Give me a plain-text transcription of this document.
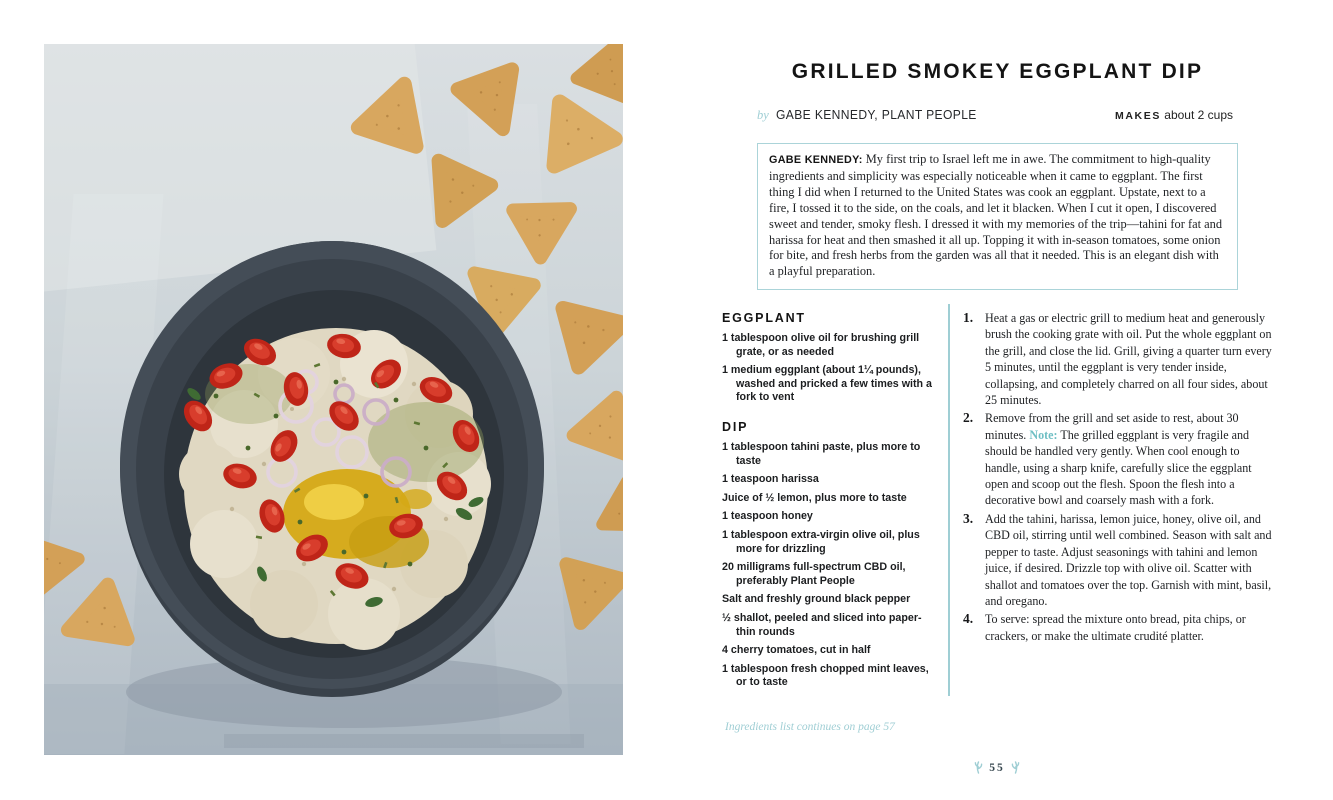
GRILLED SMOKEY EGGPLANT DIP
by GABE KENNEDY, PLANT PEOPLE	MAKES about 2 cups
GABE KENNEDY: My first trip to Israel left me in awe. The commitment to high-quality ingredients and simplicity was especially noticeable when it came to eggplant. The first thing I did when I returned to the United States was cook an eggplant. Upstate, next to a fire, I tossed it to the side, on the coals, and let it blacken. When I cut it open, I discovered sweet and tender, smoky flesh. I dressed it with my memories of the trip—tahini for fat and harissa for heat and then smashed it all up. Topping it with in-season tomatoes, some onion for bite, and fresh herbs from the garden was all that it needed. This is an elegant dish with a playful preparation.
EGGPLANT
1 tablespoon olive oil for brushing grill grate, or as needed
1 medium eggplant (about 1¼ pounds), washed and pricked a few times with a fork to vent
DIP
1 tablespoon tahini paste, plus more to taste
1 teaspoon harissa
Juice of ½ lemon, plus more to taste
1 teaspoon honey
1 tablespoon extra-virgin olive oil, plus more for drizzling
20 milligrams full-spectrum CBD oil, preferably Plant People
Salt and freshly ground black pepper
½ shallot, peeled and sliced into paper-thin rounds
4 cherry tomatoes, cut in half
1 tablespoon fresh chopped mint leaves, or to taste
1. Heat a gas or electric grill to medium heat and generously brush the cooking grate with oil. Put the whole eggplant on the grill, and close the lid. Grill, giving a quarter turn every 5 minutes, until the eggplant is very tender inside, collapsing, and completely charred on all four sides, about 25 minutes.
2. Remove from the grill and set aside to rest, about 30 minutes. Note: The grilled eggplant is very fragile and should be handled very gently. When cool enough to handle, using a sharp knife, carefully slice the eggplant open and scoop out the flesh. Spoon the flesh into a decorative bowl and coarsely mash with a fork.
3. Add the tahini, harissa, lemon juice, honey, olive oil, and CBD oil, stirring until well combined. Season with salt and pepper to taste. Adjust seasonings with tahini and lemon juice, if desired. Drizzle top with olive oil. Scatter with shallot and tomatoes over the top. Garnish with mint, basil, and oregano.
4. To serve: spread the mixture onto bread, pita chips, or crackers, or make the ultimate crudité platter.
Ingredients list continues on page 57
55
